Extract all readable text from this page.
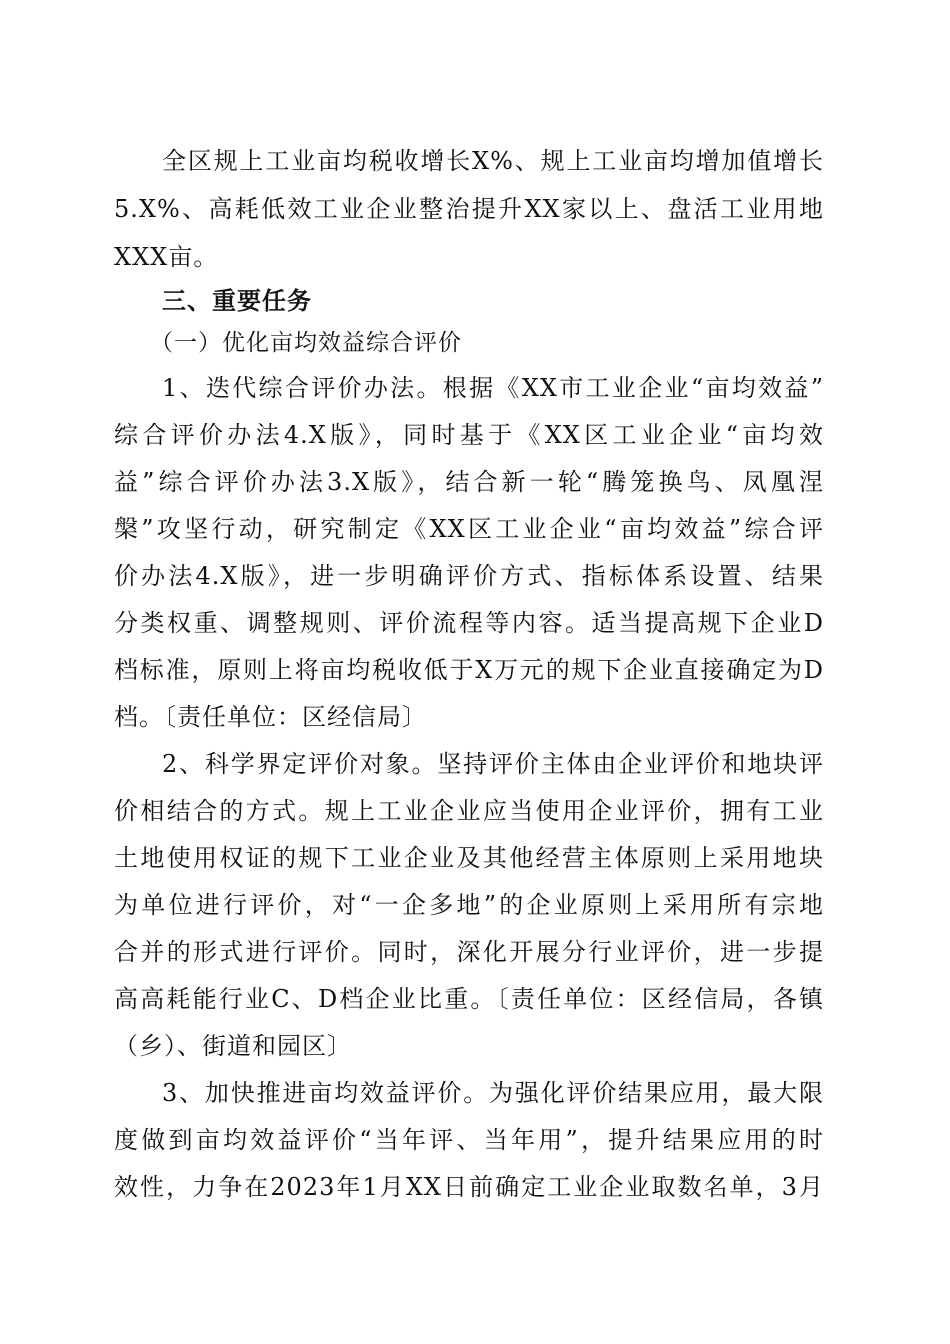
全区规上工业亩均税收增长X%、规上工业亩均增加值增长
5.X%、高耗低效工业企业整治提升XX家以上、盘活工业用地
XXX亩。
三、重要任务
（一）优化亩均效益综合评价
1、迭代综合评价办法。根据《XX市工业企业“亩均效益”
综合评价办法4.X版》，同时基于《XX区工业企业“亩均效
益”综合评价办法3.X版》，结合新一轮“腾笼换鸟、凤凰涅
槃”攻坚行动，研究制定《XX区工业企业“亩均效益”综合评
价办法4.X版》，进一步明确评价方式、指标体系设置、结果
分类权重、调整规则、评价流程等内容。适当提高规下企业D
档标准，原则上将亩均税收低于X万元的规下企业直接确定为D
档。〔责任单位：区经信局〕
2、科学界定评价对象。坚持评价主体由企业评价和地块评
价相结合的方式。规上工业企业应当使用企业评价，拥有工业
土地使用权证的规下工业企业及其他经营主体原则上采用地块
为单位进行评价，对“一企多地”的企业原则上采用所有宗地
合并的形式进行评价。同时，深化开展分行业评价，进一步提
高高耗能行业C、D档企业比重。〔责任单位：区经信局，各镇
（乡）、街道和园区〕
3、加快推进亩均效益评价。为强化评价结果应用，最大限
度做到亩均效益评价“当年评、当年用”，提升结果应用的时
效性，力争在2023年1月XX日前确定工业企业取数名单，3月
